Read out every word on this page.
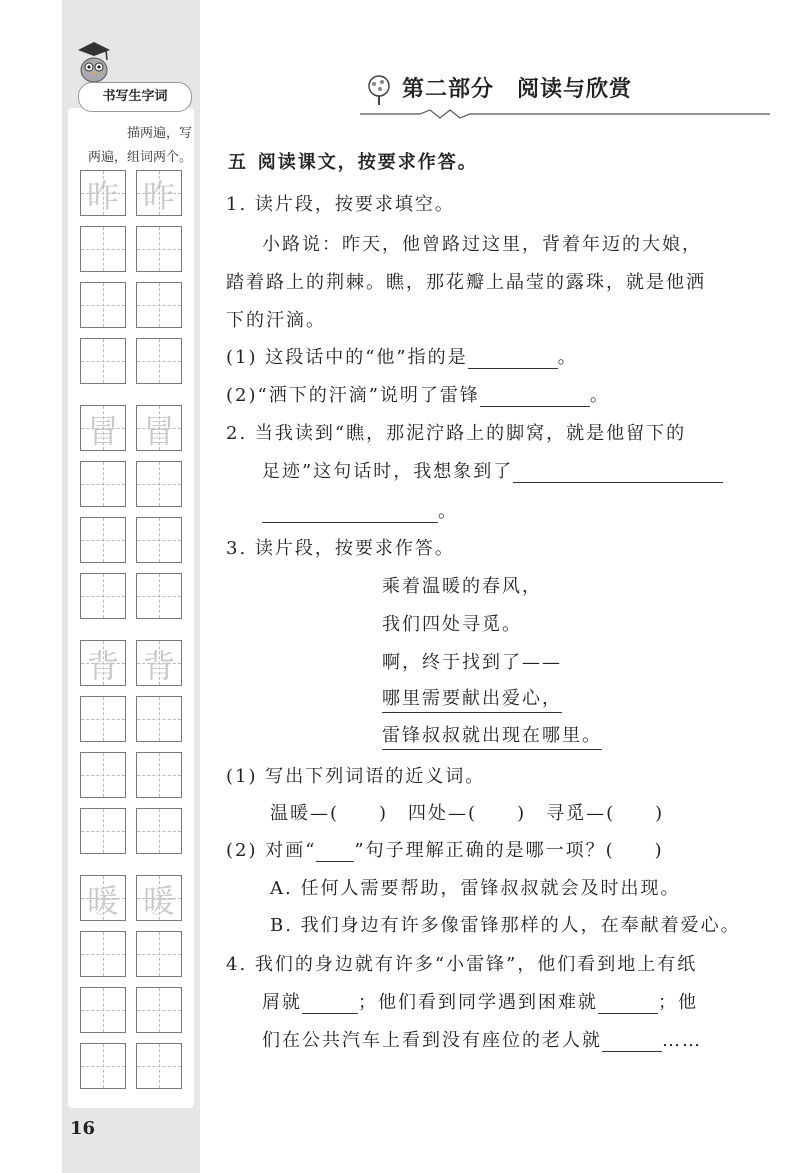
书写生字词
描两遍，写
两遍，组词两个。
昨 昨
冒 冒
背 背
暖 暖
16
第二部分　阅读与欣赏
五 阅读课文，按要求作答。
1. 读片段，按要求填空。
小路说：昨天，他曾路过这里，背着年迈的大娘，
踏着路上的荆棘。瞧，那花瓣上晶莹的露珠，就是他洒
下的汗滴。
(1) 这段话中的“他”指的是	。
(2)“洒下的汗滴”说明了雷锋	。
2. 当我读到“瞧，那泥泞路上的脚窝，就是他留下的
足迹”这句话时，我想象到了
。
3. 读片段，按要求作答。
乘着温暖的春风，
我们四处寻觅。
啊，终于找到了——
哪里需要献出爱心，
雷锋叔叔就出现在哪里。
(1) 写出下列词语的近义词。
温暖—(　　)　四处—(　　)　寻觅—(　　)
(2) 对画“ ”句子理解正确的是哪一项？(　　)
A. 任何人需要帮助，雷锋叔叔就会及时出现。
B. 我们身边有许多像雷锋那样的人，在奉献着爱心。
4. 我们的身边就有许多“小雷锋”，他们看到地上有纸
屑就	；他们看到同学遇到困难就	；他
们在公共汽车上看到没有座位的老人就	……
